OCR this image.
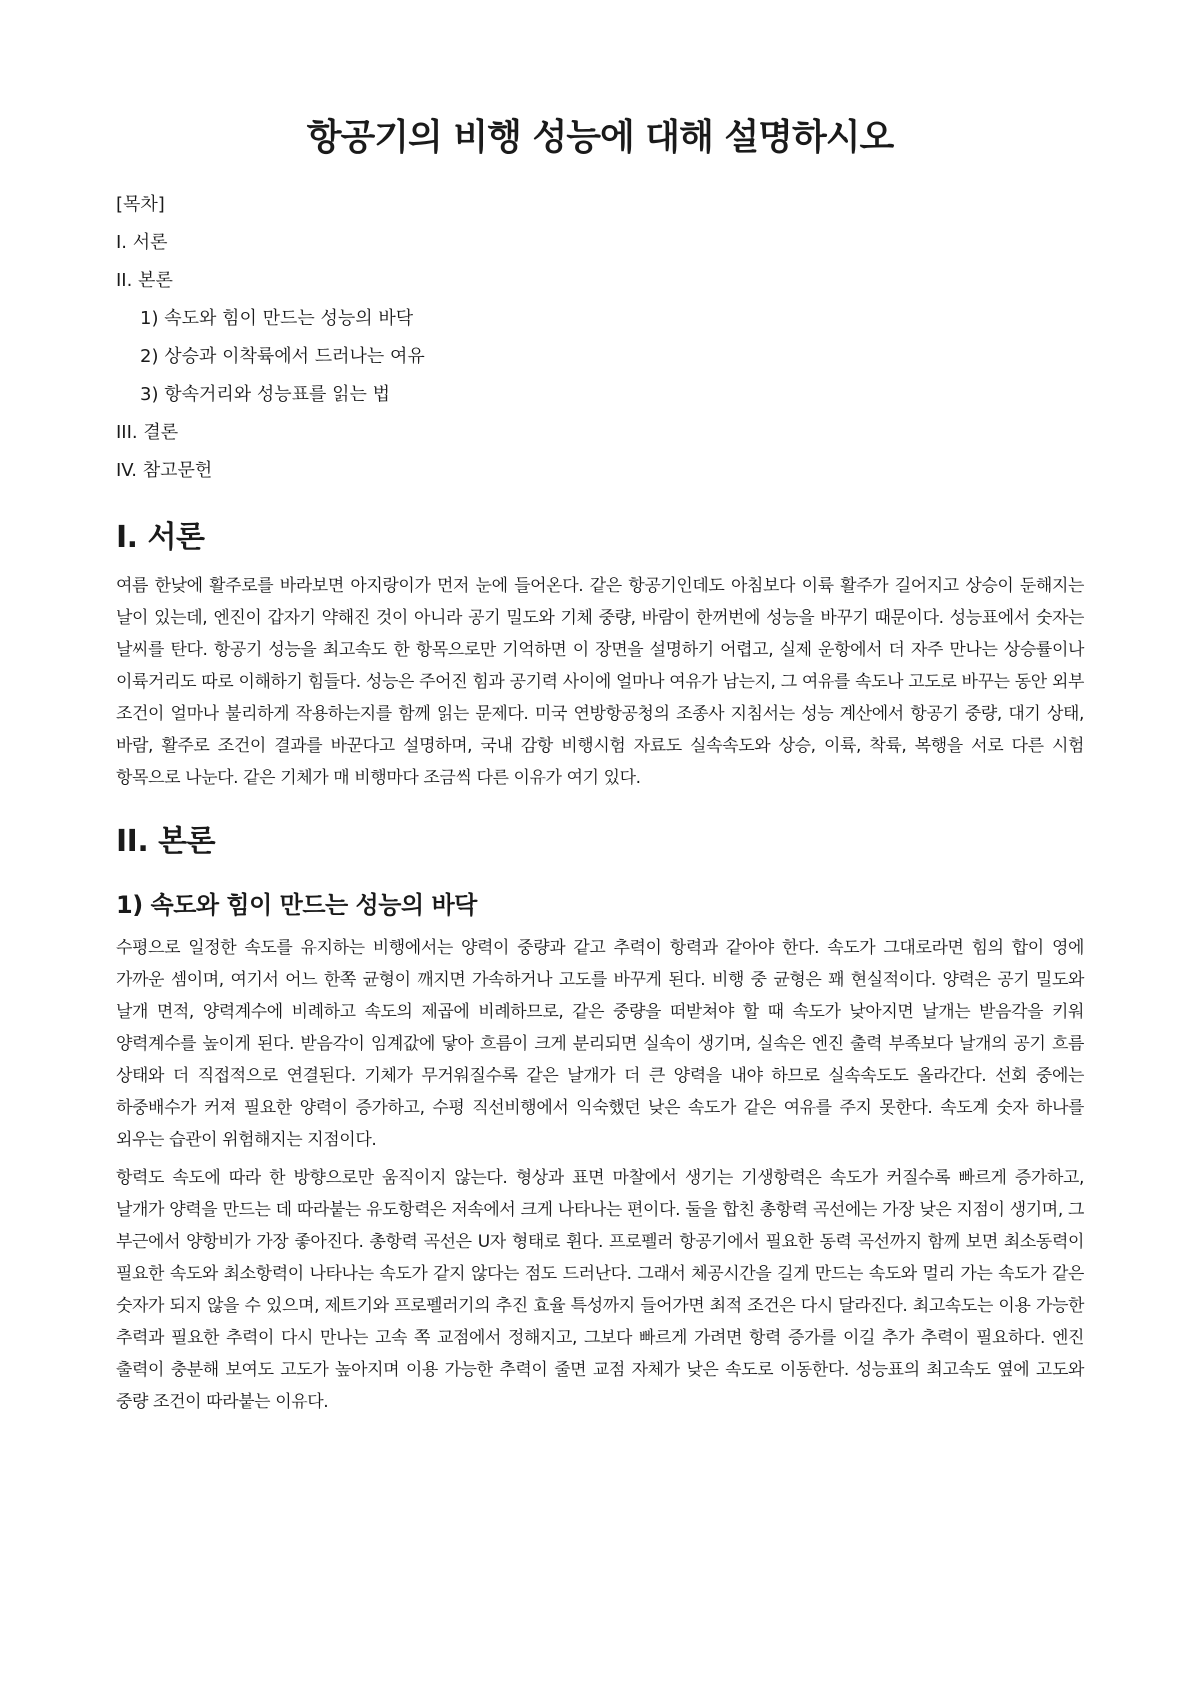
항공기의 비행 성능에 대해 설명하시오

[목차]

I. 서론

II. 본론

1) 속도와 힘이 만드는 성능의 바닥

2) 상승과 이착륙에서 드러나는 여유

3) 항속거리와 성능표를 읽는 법

III. 결론

IV. 참고문헌

I. 서론

여름 한낮에 활주로를 바라보면 아지랑이가 먼저 눈에 들어온다. 같은 항공기인데도 아침보다 이륙 활주가 길어지고 상승이 둔해지는 날이 있는데, 엔진이 갑자기 약해진 것이 아니라 공기 밀도와 기체 중량, 바람이 한꺼번에 성능을 바꾸기 때문이다. 성능표에서 숫자는 날씨를 탄다. 항공기 성능을 최고속도 한 항목으로만 기억하면 이 장면을 설명하기 어렵고, 실제 운항에서 더 자주 만나는 상승률이나 이륙거리도 따로 이해하기 힘들다. 성능은 주어진 힘과 공기력 사이에 얼마나 여유가 남는지, 그 여유를 속도나 고도로 바꾸는 동안 외부 조건이 얼마나 불리하게 작용하는지를 함께 읽는 문제다. 미국 연방항공청의 조종사 지침서는 성능 계산에서 항공기 중량, 대기 상태, 바람, 활주로 조건이 결과를 바꾼다고 설명하며, 국내 감항 비행시험 자료도 실속속도와 상승, 이륙, 착륙, 복행을 서로 다른 시험 항목으로 나눈다. 같은 기체가 매 비행마다 조금씩 다른 이유가 여기 있다.

II. 본론
1) 속도와 힘이 만드는 성능의 바닥

수평으로 일정한 속도를 유지하는 비행에서는 양력이 중량과 같고 추력이 항력과 같아야 한다. 속도가 그대로라면 힘의 합이 영에 가까운 셈이며, 여기서 어느 한쪽 균형이 깨지면 가속하거나 고도를 바꾸게 된다. 비행 중 균형은 꽤 현실적이다. 양력은 공기 밀도와 날개 면적, 양력계수에 비례하고 속도의 제곱에 비례하므로, 같은 중량을 떠받쳐야 할 때 속도가 낮아지면 날개는 받음각을 키워 양력계수를 높이게 된다. 받음각이 임계값에 닿아 흐름이 크게 분리되면 실속이 생기며, 실속은 엔진 출력 부족보다 날개의 공기 흐름 상태와 더 직접적으로 연결된다. 기체가 무거워질수록 같은 날개가 더 큰 양력을 내야 하므로 실속속도도 올라간다. 선회 중에는 하중배수가 커져 필요한 양력이 증가하고, 수평 직선비행에서 익숙했던 낮은 속도가 같은 여유를 주지 못한다. 속도계 숫자 하나를 외우는 습관이 위험해지는 지점이다.

항력도 속도에 따라 한 방향으로만 움직이지 않는다. 형상과 표면 마찰에서 생기는 기생항력은 속도가 커질수록 빠르게 증가하고, 날개가 양력을 만드는 데 따라붙는 유도항력은 저속에서 크게 나타나는 편이다. 둘을 합친 총항력 곡선에는 가장 낮은 지점이 생기며, 그 부근에서 양항비가 가장 좋아진다. 총항력 곡선은 U자 형태로 휜다. 프로펠러 항공기에서 필요한 동력 곡선까지 함께 보면 최소동력이 필요한 속도와 최소항력이 나타나는 속도가 같지 않다는 점도 드러난다. 그래서 체공시간을 길게 만드는 속도와 멀리 가는 속도가 같은 숫자가 되지 않을 수 있으며, 제트기와 프로펠러기의 추진 효율 특성까지 들어가면 최적 조건은 다시 달라진다. 최고속도는 이용 가능한 추력과 필요한 추력이 다시 만나는 고속 쪽 교점에서 정해지고, 그보다 빠르게 가려면 항력 증가를 이길 추가 추력이 필요하다. 엔진 출력이 충분해 보여도 고도가 높아지며 이용 가능한 추력이 줄면 교점 자체가 낮은 속도로 이동한다. 성능표의 최고속도 옆에 고도와 중량 조건이 따라붙는 이유다.
